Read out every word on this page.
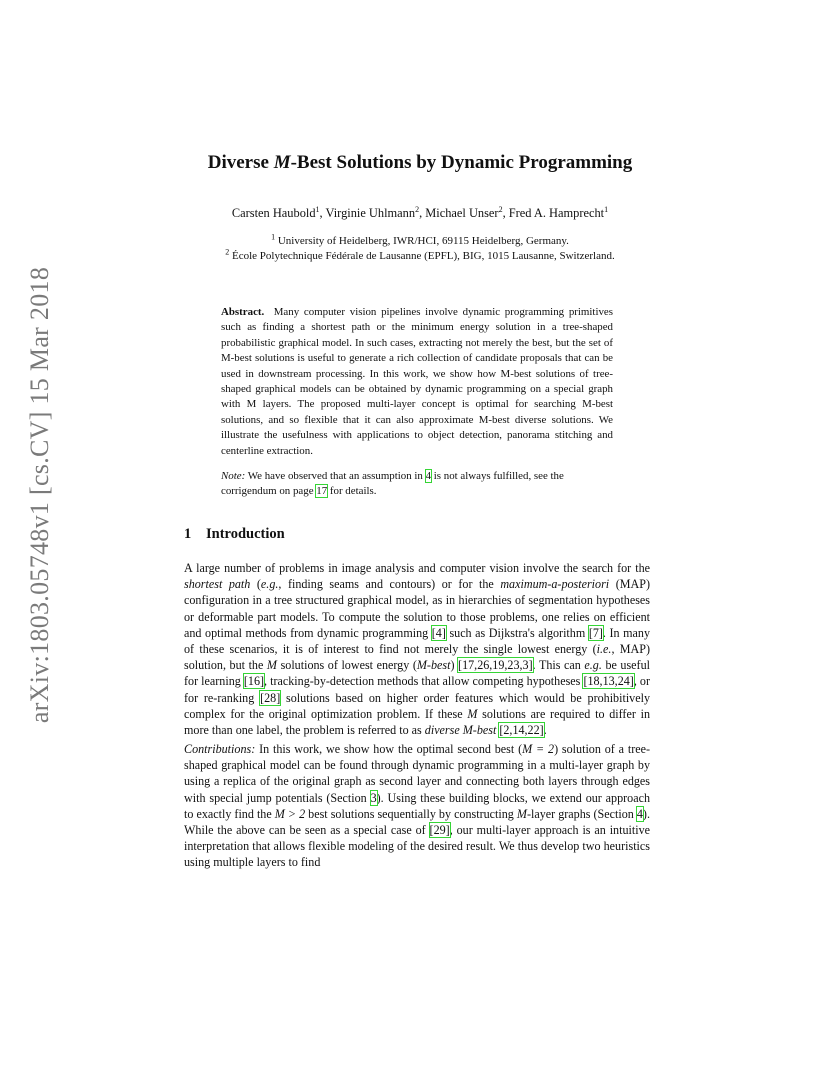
arXiv:1803.05748v1 [cs.CV] 15 Mar 2018
Diverse M-Best Solutions by Dynamic Programming
Carsten Haubold$^1$, Virginie Uhlmann$^2$, Michael Unser$^2$, Fred A. Hamprecht$^1$
$^1$ University of Heidelberg, IWR/HCI, 69115 Heidelberg, Germany.
$^2$ École Polytechnique Fédérale de Lausanne (EPFL), BIG, 1015 Lausanne, Switzerland.
Abstract. Many computer vision pipelines involve dynamic programming primitives such as finding a shortest path or the minimum energy solution in a tree-shaped probabilistic graphical model. In such cases, extracting not merely the best, but the set of M-best solutions is useful to generate a rich collection of candidate proposals that can be used in downstream processing. In this work, we show how M-best solutions of tree-shaped graphical models can be obtained by dynamic programming on a special graph with M layers. The proposed multi-layer concept is optimal for searching M-best solutions, and so flexible that it can also approximate M-best diverse solutions. We illustrate the usefulness with applications to object detection, panorama stitching and centerline extraction.
Note: We have observed that an assumption in 4 is not always fulfilled, see the corrigendum on page 17 for details.
1 Introduction
A large number of problems in image analysis and computer vision involve the search for the shortest path (e.g., finding seams and contours) or for the maximum-a-posteriori (MAP) configuration in a tree structured graphical model, as in hierarchies of segmentation hypotheses or deformable part models. To compute the solution to those problems, one relies on efficient and optimal methods from dynamic programming [4] such as Dijkstra's algorithm [7]. In many of these scenarios, it is of interest to find not merely the single lowest energy (i.e., MAP) solution, but the M solutions of lowest energy (M-best) [17,26,19,23,3]. This can e.g. be useful for learning [16], tracking-by-detection methods that allow competing hypotheses [18,13,24], or for re-ranking [28] solutions based on higher order features which would be prohibitively complex for the original optimization problem. If these M solutions are required to differ in more than one label, the problem is referred to as diverse M-best [2,14,22].
Contributions: In this work, we show how the optimal second best (M = 2) solution of a tree-shaped graphical model can be found through dynamic programming in a multi-layer graph by using a replica of the original graph as second layer and connecting both layers through edges with special jump potentials (Section 3). Using these building blocks, we extend our approach to exactly find the M > 2 best solutions sequentially by constructing M-layer graphs (Section 4). While the above can be seen as a special case of [29], our multi-layer approach is an intuitive interpretation that allows flexible modeling of the desired result. We thus develop two heuristics using multiple layers to find
